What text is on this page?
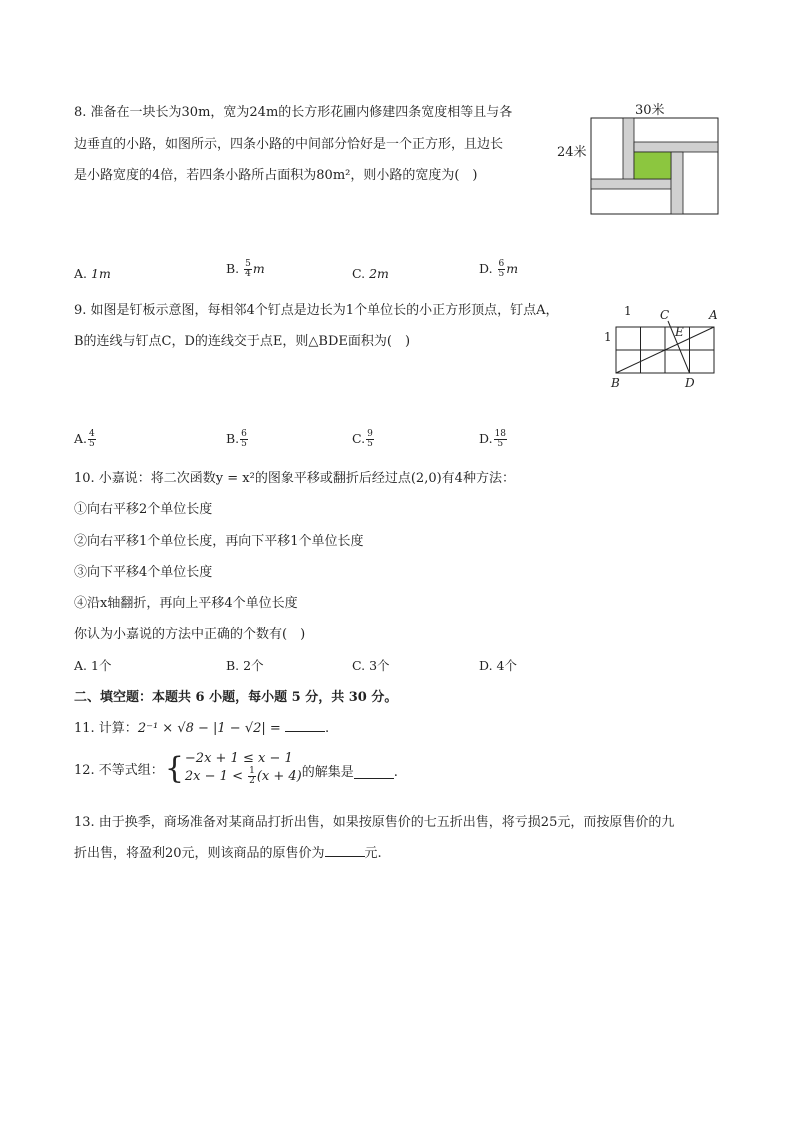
8. 准备在一块长为30m，宽为24m的长方形花圃内修建四条宽度相等且与各
边垂直的小路，如图所示，四条小路的中间部分恰好是一个正方形，且边长
是小路宽度的4倍，若四条小路所占面积为80m²，则小路的宽度为(　)
30米
24米
A. 1m	B. $\frac{5}{4}$ m	C. 2m	D. $\frac{6}{5}$ m
9. 如图是钉板示意图，每相邻4个钉点是边长为1个单位长的小正方形顶点，钉点A，
B的连线与钉点C，D的连线交于点E，则△BDE面积为(　)
1
1
C	A
E
B	D
A. $\frac{4}{5}$	B. $\frac{6}{5}$	C. $\frac{9}{5}$	D. $\frac{18}{5}$
10. 小嘉说：将二次函数y = x²的图象平移或翻折后经过点(2,0)有4种方法：
①向右平移2个单位长度
②向右平移1个单位长度，再向下平移1个单位长度
③向下平移4个单位长度
④沿x轴翻折，再向上平移4个单位长度
你认为小嘉说的方法中正确的个数有(　)
A. 1个	B. 2个	C. 3个	D. 4个
二、填空题：本题共 6 小题，每小题 5 分，共 30 分。
11. 计算：2⁻¹ × √8 − |1 − √2| =	.
12. 不等式组： { −2x + 1 ≤ x − 1
$2x - 1 < \frac{1}{2} (x + 4)$ 的解集是	.
13. 由于换季，商场准备对某商品打折出售，如果按原售价的七五折出售，将亏损25元，而按原售价的九
折出售，将盈利20元，则该商品的原售价为	元.
